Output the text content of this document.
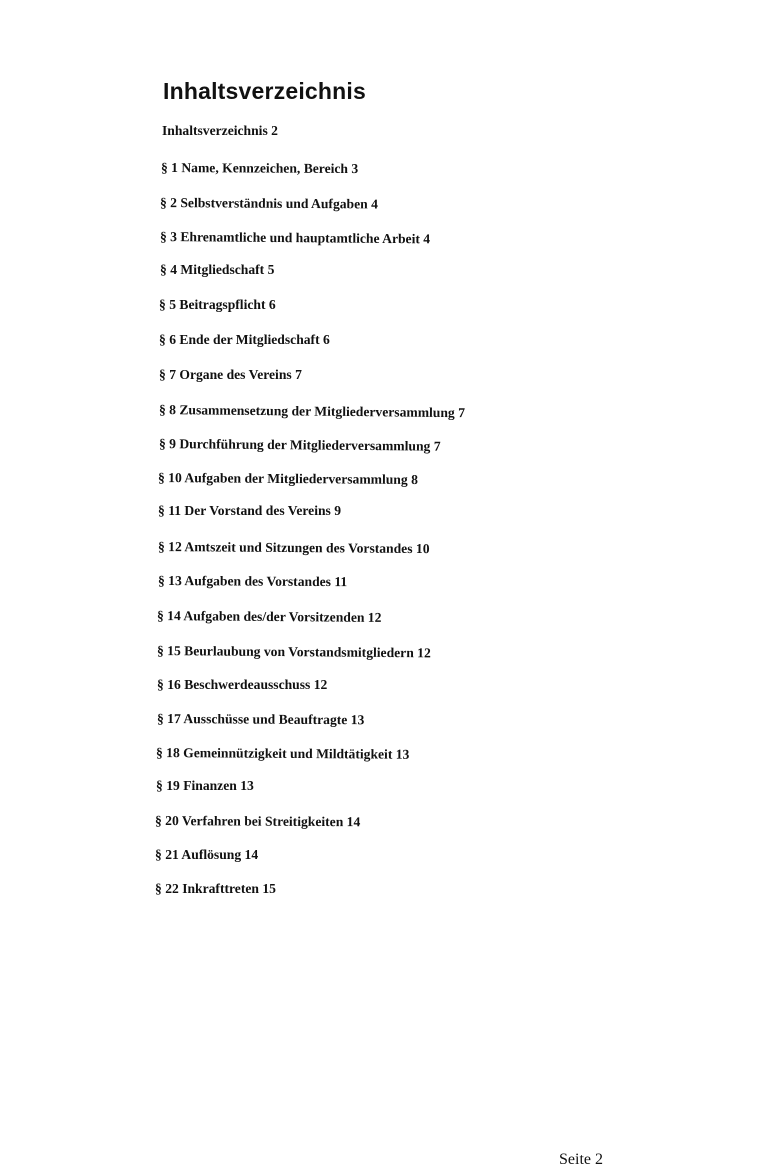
Inhaltsverzeichnis
Inhaltsverzeichnis 2
§ 1 Name, Kennzeichen, Bereich 3
§ 2 Selbstverständnis und Aufgaben 4
§ 3 Ehrenamtliche und hauptamtliche Arbeit 4
§ 4 Mitgliedschaft 5
§ 5 Beitragspflicht 6
§ 6 Ende der Mitgliedschaft 6
§ 7 Organe des Vereins 7
§ 8 Zusammensetzung der Mitgliederversammlung 7
§ 9 Durchführung der Mitgliederversammlung 7
§ 10 Aufgaben der Mitgliederversammlung 8
§ 11 Der Vorstand des Vereins 9
§ 12 Amtszeit und Sitzungen des Vorstandes 10
§ 13 Aufgaben des Vorstandes 11
§ 14 Aufgaben des/der Vorsitzenden 12
§ 15 Beurlaubung von Vorstandsmitgliedern 12
§ 16 Beschwerdeausschuss 12
§ 17 Ausschüsse und Beauftragte 13
§ 18 Gemeinnützigkeit und Mildtätigkeit 13
§ 19 Finanzen 13
§ 20 Verfahren bei Streitigkeiten 14
§ 21 Auflösung 14
§ 22 Inkrafttreten 15
Seite 2
